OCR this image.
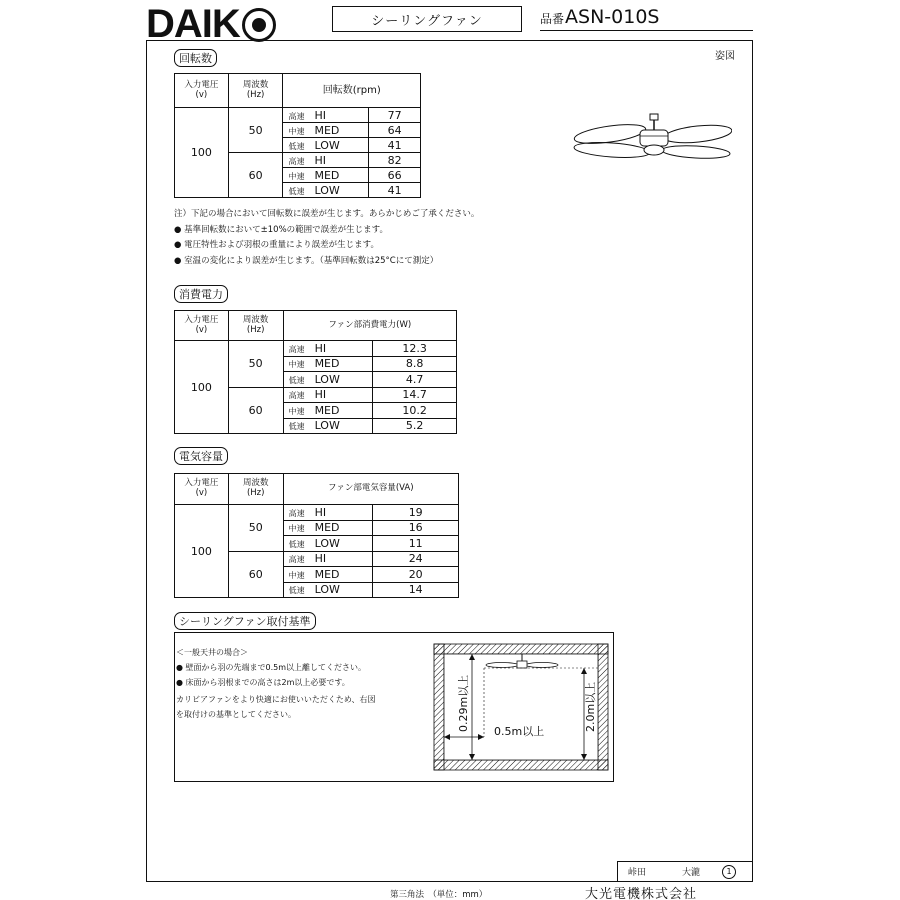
DAIK	シーリングファン	品番 ASN-010S
姿図
回転数
入力電圧
(v)	周波数
(Hz)	回転数(rpm)	
100	50	高速 HI	77
		中速 MED	64
		低速 LOW	41
	60	高速 HI	82
		中速 MED	66
		低速 LOW	41
注）下記の場合において回転数に誤差が生じます。あらかじめご了承ください。
● 基準回転数において±10%の範囲で誤差が生じます。
● 電圧特性および羽根の重量により誤差が生じます。
● 室温の変化により誤差が生じます。（基準回転数は25°Cにて測定）
消費電力
入力電圧
(v)	周波数
(Hz)	ファン部消費電力(W)	
100	50	高速 HI	12.3
		中速 MED	8.8
		低速 LOW	4.7
	60	高速 HI	14.7
		中速 MED	10.2
		低速 LOW	5.2
電気容量
入力電圧
(v)	周波数
(Hz)	ファン部電気容量(VA)	
100	50	高速 HI	19
		中速 MED	16
		低速 LOW	11
	60	高速 HI	24
		中速 MED	20
		低速 LOW	14
シーリングファン取付基準
＜一般天井の場合＞
● 壁面から羽の先端まで0.5m以上離してください。
● 床面から羽根までの高さは2m以上必要です。
カリビアファンをより快適にお使いいただくため、右図
を取付けの基準としてください。	0.29m以上 0.5m以上	2.0m以上
峠田	大瀧	1
第三角法　（単位：mm）	大光電機株式会社
